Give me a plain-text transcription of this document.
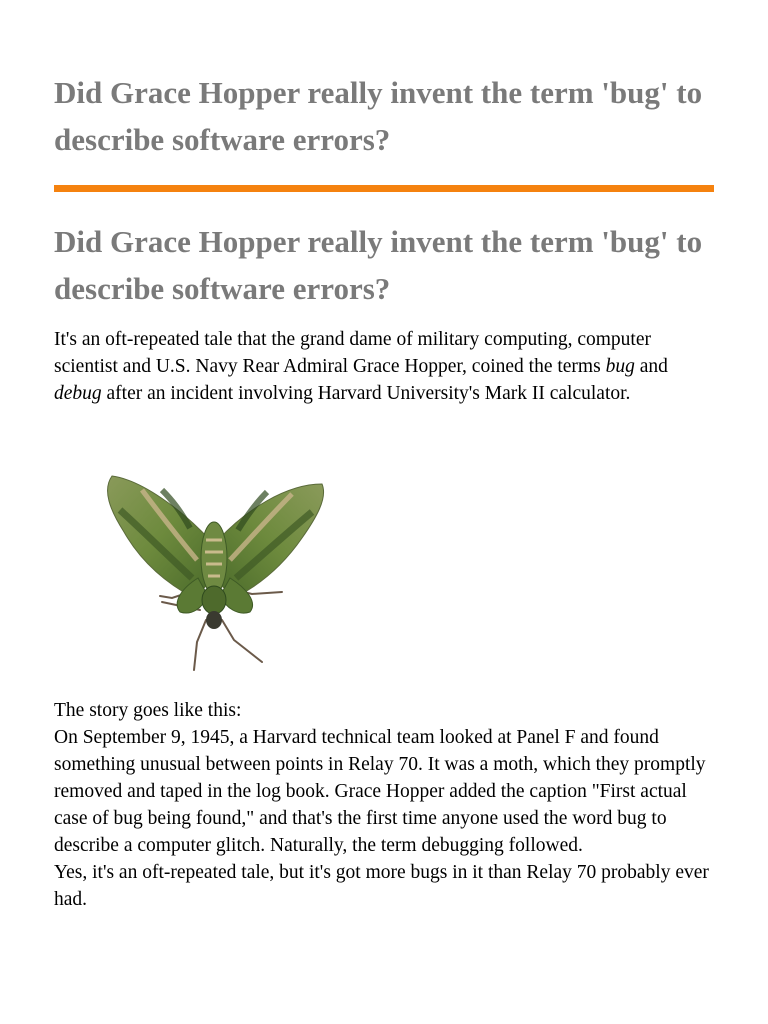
Did Grace Hopper really invent the term 'bug' to describe software errors?
Did Grace Hopper really invent the term 'bug' to describe software errors?

It's an oft-repeated tale that the grand dame of military computing, computer scientist and U.S. Navy Rear Admiral Grace Hopper, coined the terms bug and debug after an incident involving Harvard University's Mark II calculator.

The story goes like this:
On September 9, 1945, a Harvard technical team looked at Panel F and found something unusual between points in Relay 70. It was a moth, which they promptly removed and taped in the log book. Grace Hopper added the caption "First actual case of bug being found," and that's the first time anyone used the word bug to describe a computer glitch. Naturally, the term debugging followed.
Yes, it's an oft-repeated tale, but it's got more bugs in it than Relay 70 probably ever had.
